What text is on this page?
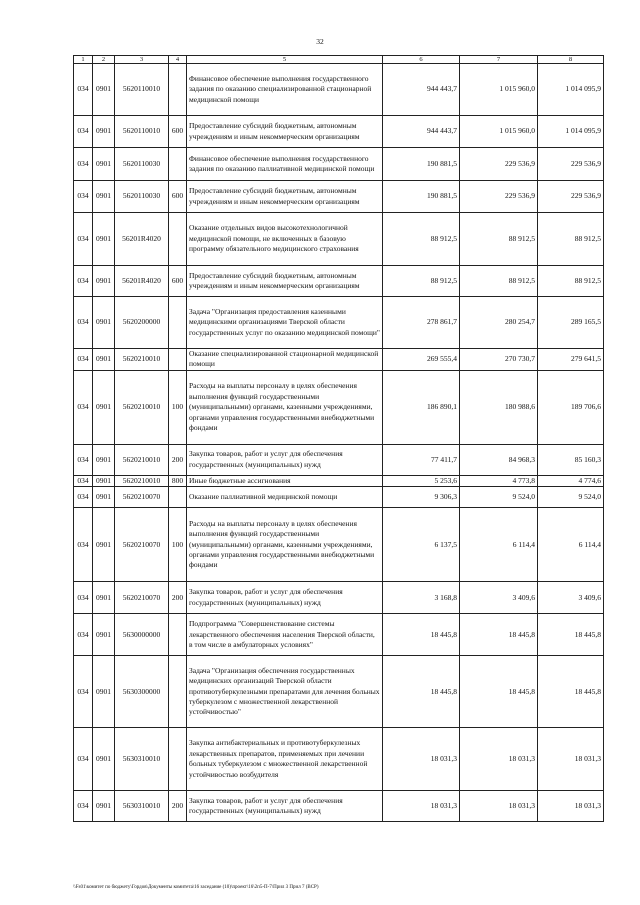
32
1	2	3	4	5	6	7	8
034	0901	5620110010		Финансовое обеспечение выполнения государственного задания по оказанию специализированной стационарной медицинской помощи	944 443,7	1 015 960,0	1 014 095,9
034	0901	5620110010	600	Предоставление субсидий бюджетным, автономным учреждениям и иным некоммерческим организациям	944 443,7	1 015 960,0	1 014 095,9
034	0901	5620110030		Финансовое обеспечение выполнения государственного задания по оказанию паллиативной медицинской помощи	190 881,5	229 536,9	229 536,9
034	0901	5620110030	600	Предоставление субсидий бюджетным, автономным учреждениям и иным некоммерческим организациям	190 881,5	229 536,9	229 536,9
034	0901	56201R4020		Оказание отдельных видов высокотехнологичной медицинской помощи, не включенных в базовую программу обязательного медицинского страхования	88 912,5	88 912,5	88 912,5
034	0901	56201R4020	600	Предоставление субсидий бюджетным, автономным учреждениям и иным некоммерческим организациям	88 912,5	88 912,5	88 912,5
034	0901	5620200000		Задача "Организация предоставления казенными медицинскими организациями Тверской области государственных услуг по оказанию медицинской помощи"	278 861,7	280 254,7	289 165,5
034	0901	5620210010		Оказание специализированной стационарной медицинской помощи	269 555,4	270 730,7	279 641,5
034	0901	5620210010	100	Расходы на выплаты персоналу в целях обеспечения выполнения функций государственными (муниципальными) органами, казенными учреждениями, органами управления государственными внебюджетными фондами	186 890,1	180 988,6	189 706,6
034	0901	5620210010	200	Закупка товаров, работ и услуг для обеспечения государственных (муниципальных) нужд	77 411,7	84 968,3	85 160,3
034	0901	5620210010	800	Иные бюджетные ассигнования	5 253,6	4 773,8	4 774,6
034	0901	5620210070		Оказание паллиативной медицинской помощи	9 306,3	9 524,0	9 524,0
034	0901	5620210070	100	Расходы на выплаты персоналу в целях обеспечения выполнения функций государственными (муниципальными) органами, казенными учреждениями, органами управления государственными внебюджетными фондами	6 137,5	6 114,4	6 114,4
034	0901	5620210070	200	Закупка товаров, работ и услуг для обеспечения государственных (муниципальных) нужд	3 168,8	3 409,6	3 409,6
034	0901	5630000000		Подпрограмма "Совершенствование системы лекарственного обеспечения населения Тверской области, в том числе в амбулаторных условиях"	18 445,8	18 445,8	18 445,8
034	0901	5630300000		Задача "Организация обеспечения государственных медицинских организаций Тверской области противотуберкулезными препаратами для лечения больных туберкулезом с множественной лекарственной устойчивостью"	18 445,8	18 445,8	18 445,8
034	0901	5630310010		Закупка антибактериальных и противотуберкулезных лекарственных препаратов, применяемых при лечении больных туберкулезом с множественной лекарственной устойчивостью возбудителя	18 031,3	18 031,3	18 031,3
034	0901	5630310010	200	Закупка товаров, работ и услуг для обеспечения государственных (муниципальных) нужд	18 031,3	18 031,3	18 031,3
\\Fs01\комитет по бюджету\Гордов\Документы комитета\16 заседание (10)\проект\16\2п5-П-7\Прил 3 Прил 7 (ВСР)
